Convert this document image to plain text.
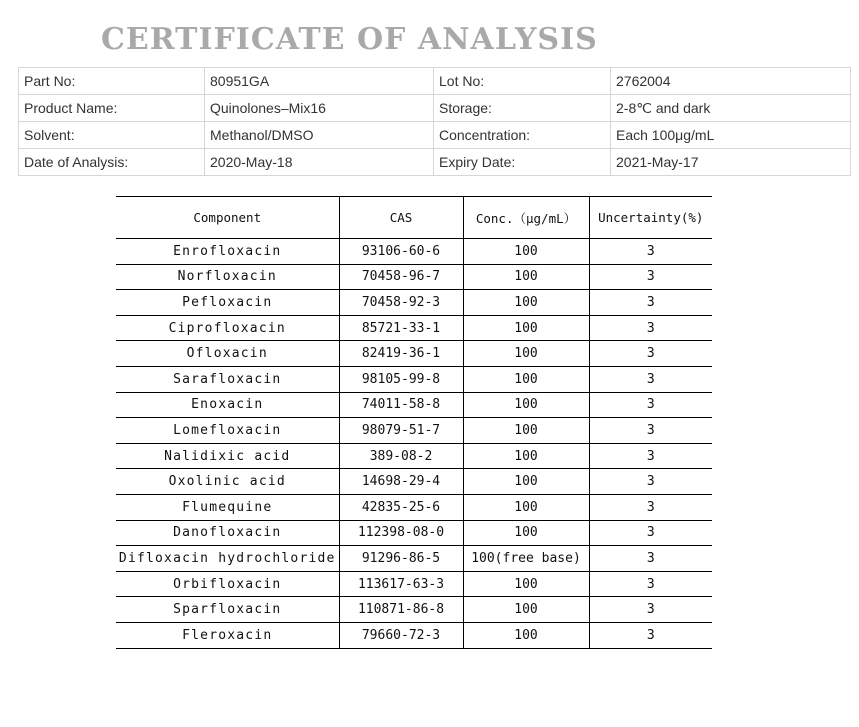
CERTIFICATE OF ANALYSIS
Part No:	80951GA	Lot No:	2762004
Product Name:	Quinolones–Mix16	Storage:	2-8℃ and dark
Solvent:	Methanol/DMSO	Concentration:	Each 100μg/mL
Date of Analysis:	2020-May-18	Expiry Date:	2021-May-17
Component	CAS	Conc.（μg/mL）	Uncertainty(%)
Enrofloxacin	93106-60-6	100	3
Norfloxacin	70458-96-7	100	3
Pefloxacin	70458-92-3	100	3
Ciprofloxacin	85721-33-1	100	3
Ofloxacin	82419-36-1	100	3
Sarafloxacin	98105-99-8	100	3
Enoxacin	74011-58-8	100	3
Lomefloxacin	98079-51-7	100	3
Nalidixic acid	389-08-2	100	3
Oxolinic acid	14698-29-4	100	3
Flumequine	42835-25-6	100	3
Danofloxacin	112398-08-0	100	3
Difloxacin hydrochloride	91296-86-5	100(free base)	3
Orbifloxacin	113617-63-3	100	3
Sparfloxacin	110871-86-8	100	3
Fleroxacin	79660-72-3	100	3
